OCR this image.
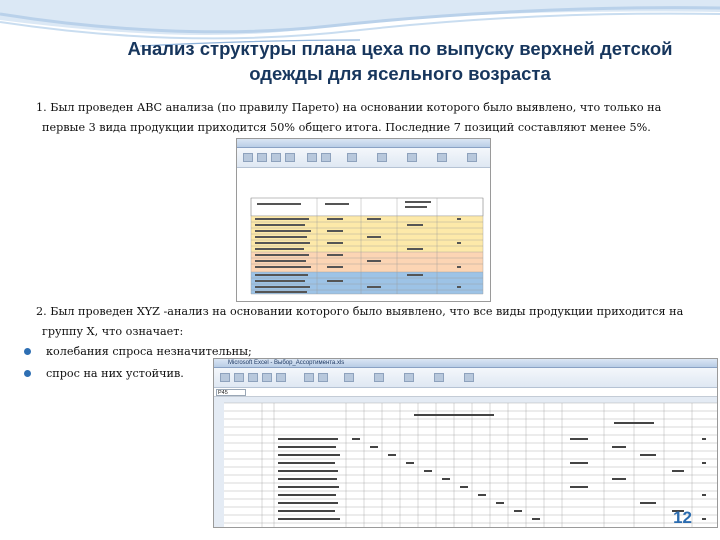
Анализ структуры плана цеха по выпуску верхней детской одежды для ясельного возраста
1. Был проведен АВС анализа (по правилу Парето) на основании которого было выявлено, что только на
первые 3 вида продукции приходится 50% общего итога. Последние 7 позиций составляют менее 5%.
2. Был проведен XYZ -анализ на основании которого было выявлено, что все виды продукции приходится на
группу Х, что означает:
колебания спроса незначительны;
спрос на них устойчив.
Microsoft Excel - Выбор_Ассортимента.xls
P45
12
